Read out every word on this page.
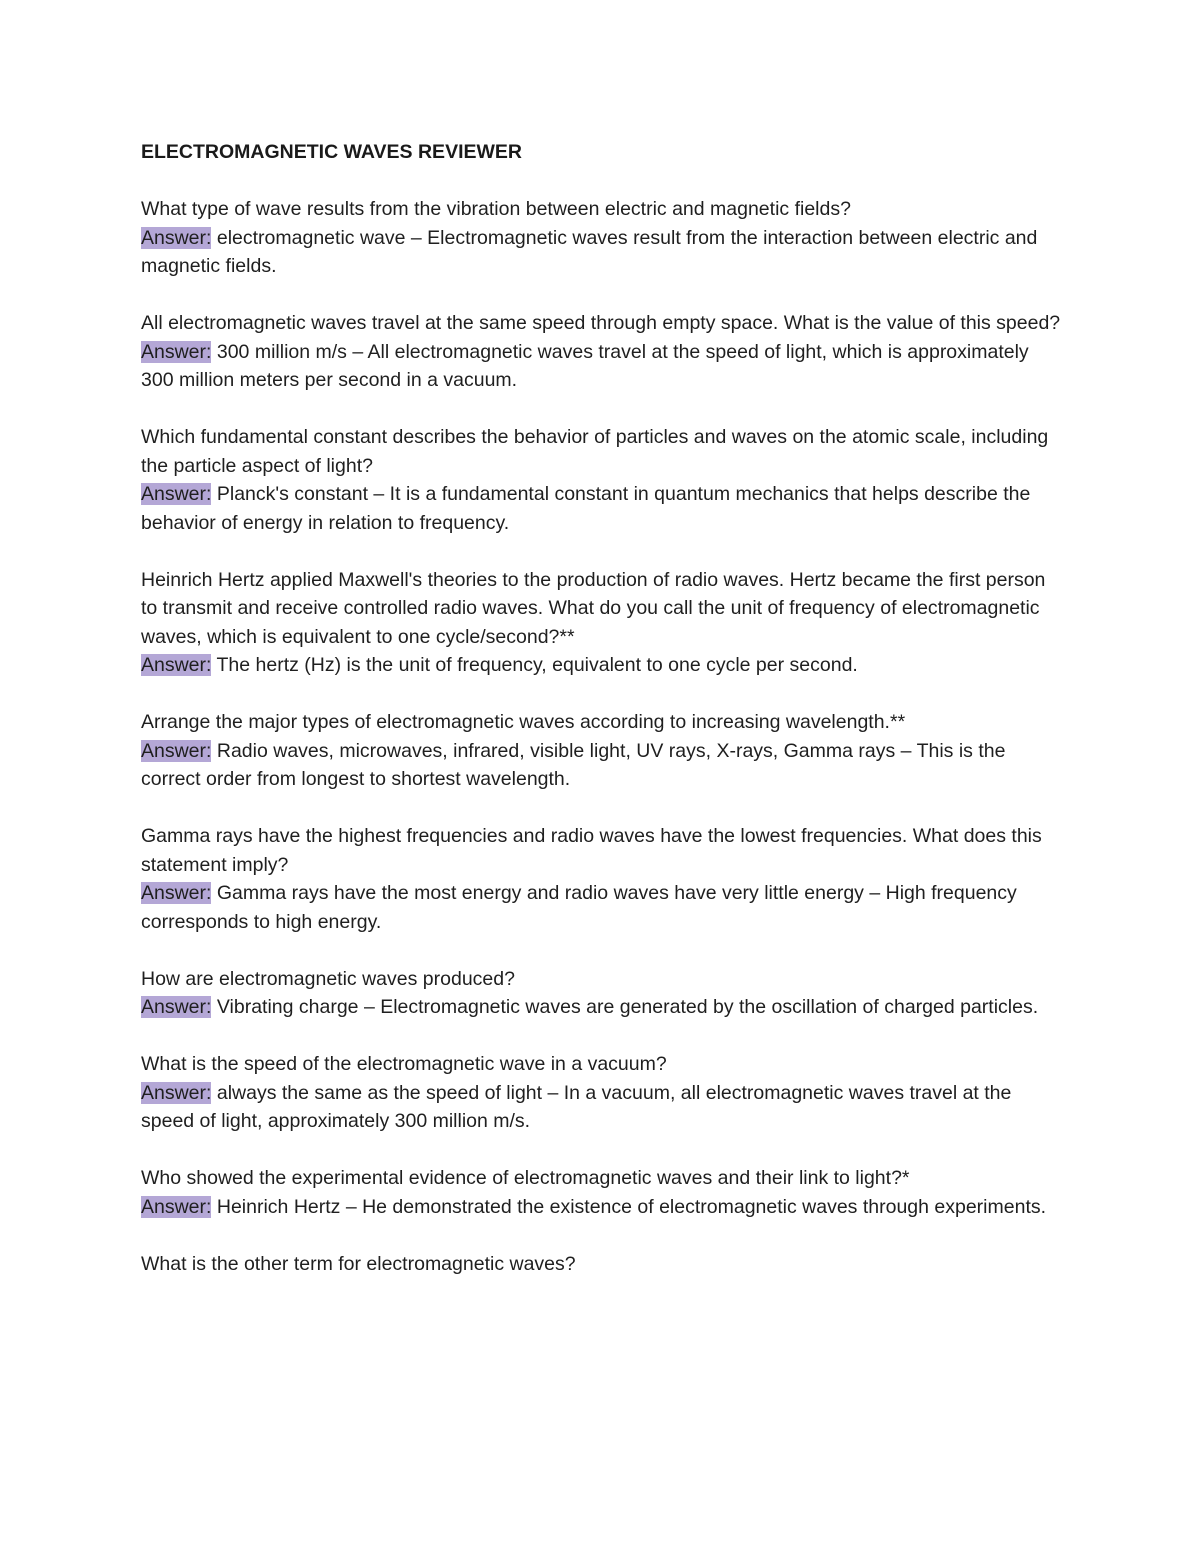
ELECTROMAGNETIC WAVES REVIEWER

What type of wave results from the vibration between electric and magnetic fields?

Answer: electromagnetic wave – Electromagnetic waves result from the interaction between electric and magnetic fields.

All electromagnetic waves travel at the same speed through empty space. What is the value of this speed?

Answer: 300 million m/s – All electromagnetic waves travel at the speed of light, which is approximately 300 million meters per second in a vacuum.

Which fundamental constant describes the behavior of particles and waves on the atomic scale, including the particle aspect of light?

Answer: Planck's constant – It is a fundamental constant in quantum mechanics that helps describe the behavior of energy in relation to frequency.

Heinrich Hertz applied Maxwell's theories to the production of radio waves. Hertz became the first person to transmit and receive controlled radio waves. What do you call the unit of frequency of electromagnetic waves, which is equivalent to one cycle/second?**

Answer: The hertz (Hz) is the unit of frequency, equivalent to one cycle per second.

Arrange the major types of electromagnetic waves according to increasing wavelength.**

Answer: Radio waves, microwaves, infrared, visible light, UV rays, X-rays, Gamma rays – This is the correct order from longest to shortest wavelength.

Gamma rays have the highest frequencies and radio waves have the lowest frequencies. What does this statement imply?

Answer: Gamma rays have the most energy and radio waves have very little energy – High frequency corresponds to high energy.

How are electromagnetic waves produced?

Answer: Vibrating charge – Electromagnetic waves are generated by the oscillation of charged particles.

What is the speed of the electromagnetic wave in a vacuum?

Answer: always the same as the speed of light – In a vacuum, all electromagnetic waves travel at the speed of light, approximately 300 million m/s.

Who showed the experimental evidence of electromagnetic waves and their link to light?*

Answer: Heinrich Hertz – He demonstrated the existence of electromagnetic waves through experiments.

What is the other term for electromagnetic waves?
